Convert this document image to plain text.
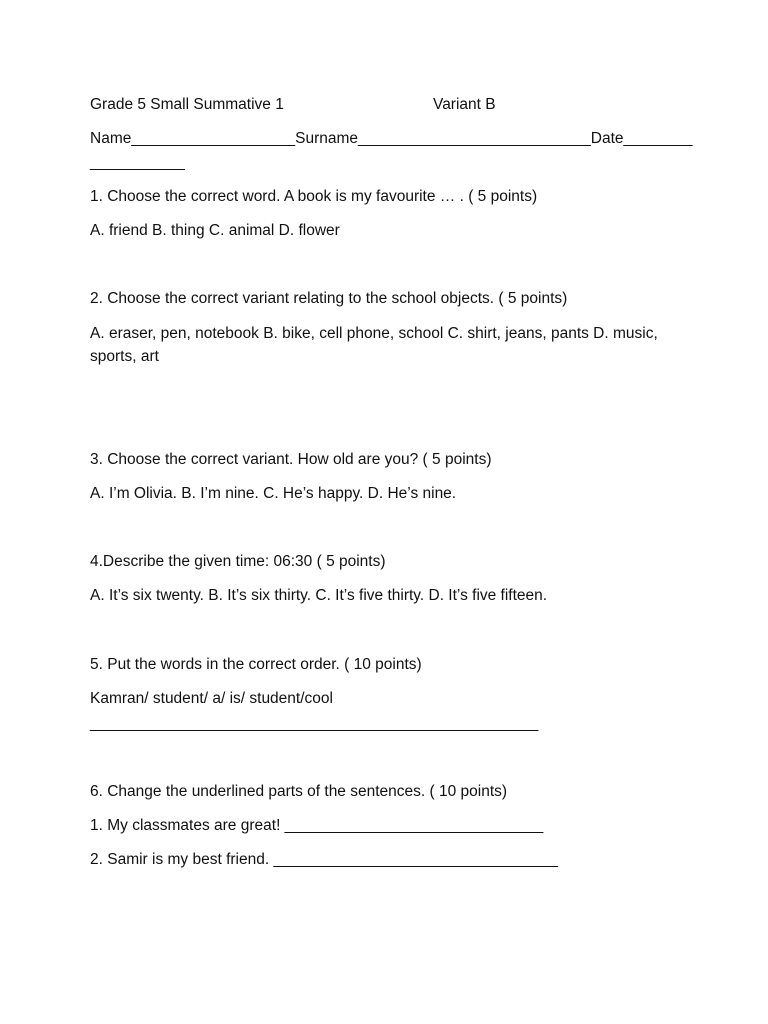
Grade 5 Small Summative 1	Variant B
Name___________________Surname___________________________Date________
___________
1. Choose the correct word. A book is my favourite … . ( 5 points)
A. friend B. thing C. animal D. flower
2. Choose the correct variant relating to the school objects. ( 5 points)
A. eraser, pen, notebook B. bike, cell phone, school C. shirt, jeans, pants D. music, sports, art
3. Choose the correct variant. How old are you? ( 5 points)
A. I’m Olivia. B. I’m nine. C. He’s happy. D. He’s nine.
4.Describe the given time: 06:30 ( 5 points)
A. It’s six twenty. B. It’s six thirty. C. It’s five thirty. D. It’s five fifteen.
5. Put the words in the correct order. ( 10 points)
Kamran/ student/ a/ is/ student/cool
____________________________________________________
6. Change the underlined parts of the sentences. ( 10 points)
1. My classmates are great! ______________________________
2. Samir is my best friend. _________________________________
